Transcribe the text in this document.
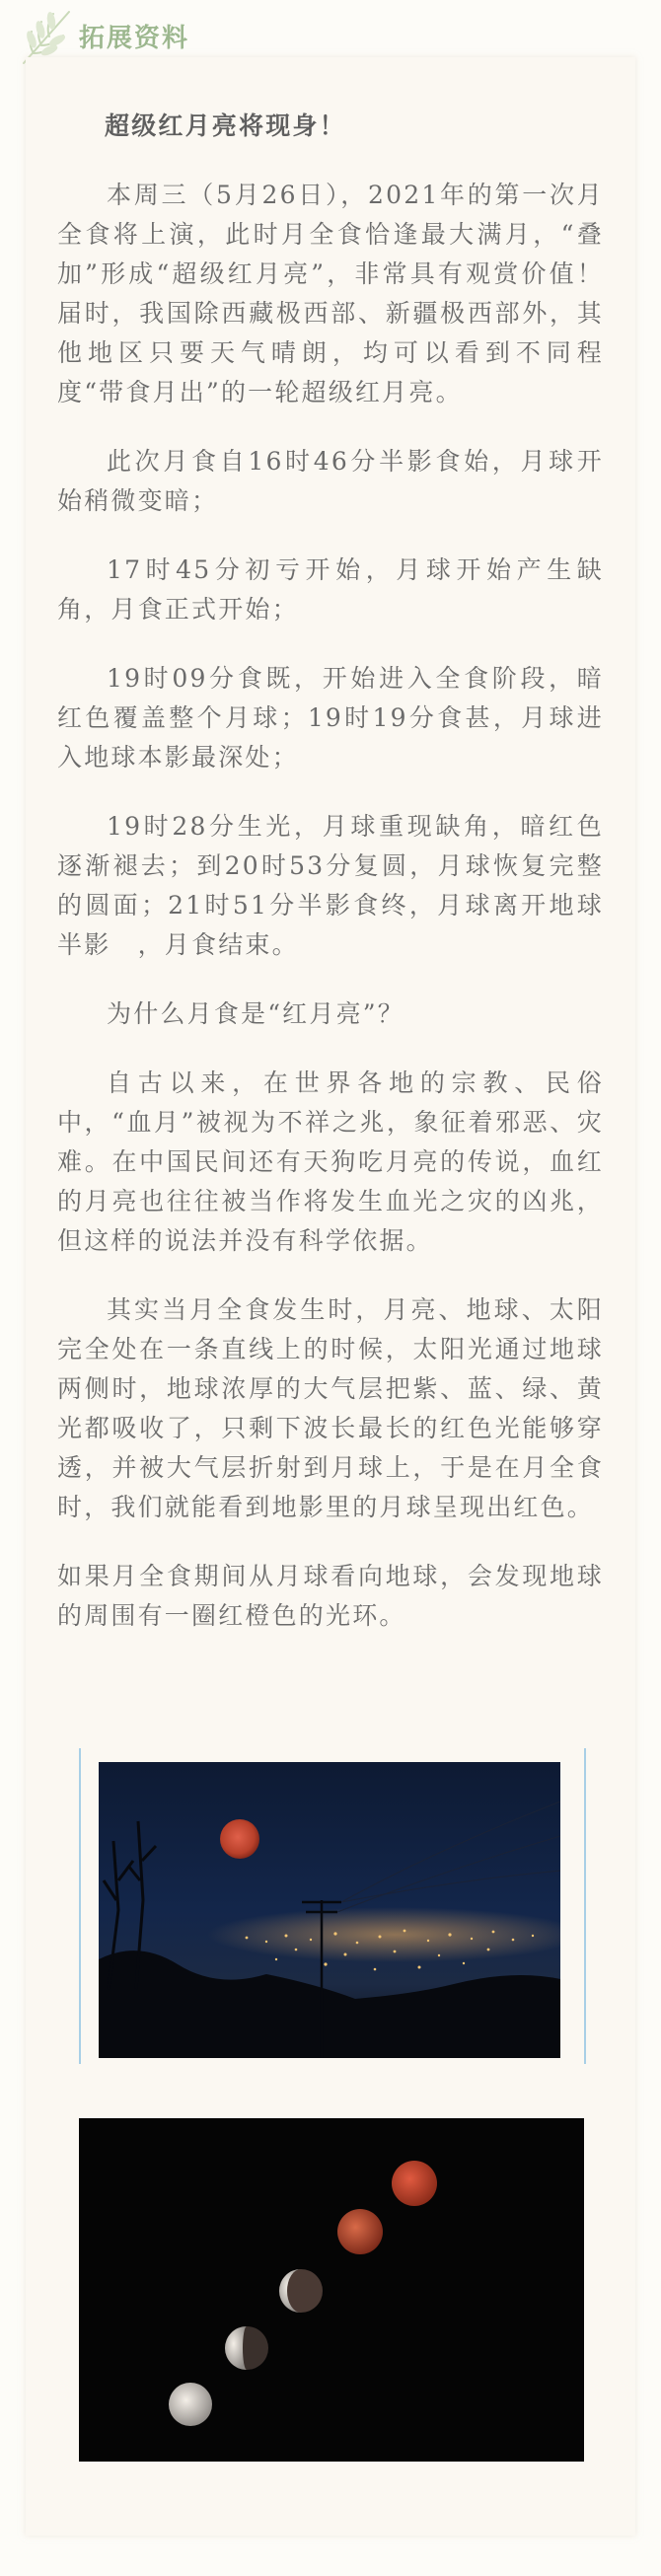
拓展资料

超级红月亮将现身！

本周三（5月26日），2021年的第一次月全食将上演，此时月全食恰逢最大满月，“叠加”形成“超级红月亮”，非常具有观赏价值！届时，我国除西藏极西部、新疆极西部外，其他地区只要天气晴朗，均可以看到不同程度“带食月出”的一轮超级红月亮。

此次月食自16时46分半影食始，月球开始稍微变暗；

17时45分初亏开始，月球开始产生缺角，月食正式开始；

19时09分食既，开始进入全食阶段，暗红色覆盖整个月球；19时19分食甚，月球进入地球本影最深处；

19时28分生光，月球重现缺角，暗红色逐渐褪去；到20时53分复圆，月球恢复完整的圆面；21时51分半影食终，月球离开地球半影　，月食结束。

为什么月食是“红月亮”？

自古以来，在世界各地的宗教、民俗中，“血月”被视为不祥之兆，象征着邪恶、灾难。在中国民间还有天狗吃月亮的传说，血红的月亮也往往被当作将发生血光之灾的凶兆，但这样的说法并没有科学依据。

其实当月全食发生时，月亮、地球、太阳完全处在一条直线上的时候，太阳光通过地球两侧时，地球浓厚的大气层把紫、蓝、绿、黄光都吸收了，只剩下波长最长的红色光能够穿透，并被大气层折射到月球上，于是在月全食时，我们就能看到地影里的月球呈现出红色。

如果月全食期间从月球看向地球，会发现地球的周围有一圈红橙色的光环。
